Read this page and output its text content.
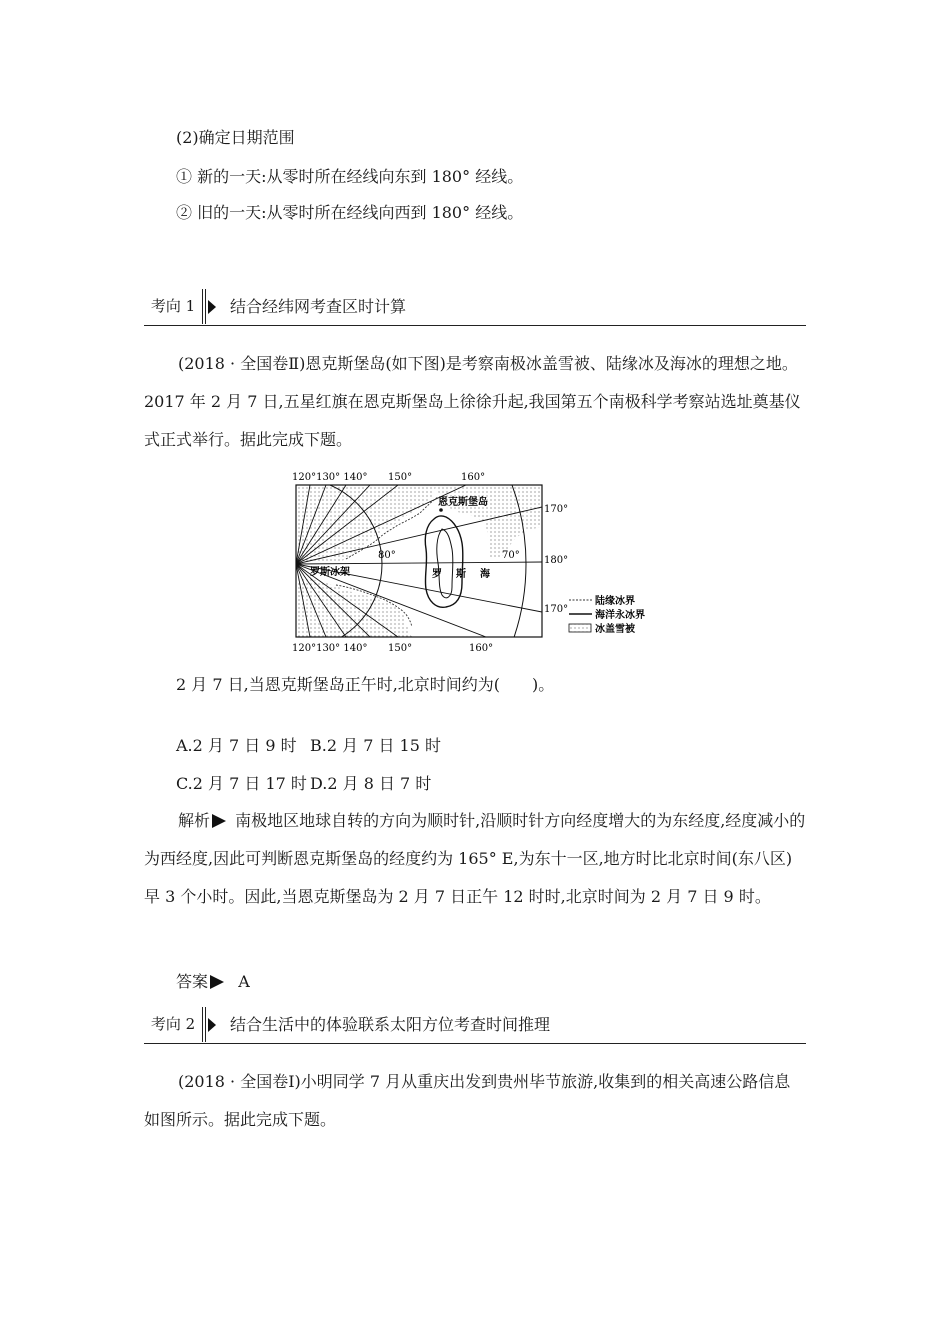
(2)确定日期范围
① 新的一天:从零时所在经线向东到 180° 经线。
② 旧的一天:从零时所在经线向西到 180° 经线。
考向 1	结合经纬网考查区时计算
(2018 · 全国卷Ⅱ)恩克斯堡岛(如下图)是考察南极冰盖雪被、陆缘冰及海冰的理想之地。2017 年 2 月 7 日,五星红旗在恩克斯堡岛上徐徐升起,我国第五个南极科学考察站选址奠基仪式正式举行。据此完成下题。
120°130° 140° 150°	160°
120°130° 140° 150°	160°
170°
180°
170°
恩克斯堡岛
罗斯冰架	罗 斯 海
80°	70°
陆缘冰界
海洋永冰界
冰盖雪被
2 月 7 日,当恩克斯堡岛正午时,北京时间约为(　　)。
A.2 月 7 日 9 时 B.2 月 7 日 15 时
C.2 月 7 日 17 时 D.2 月 8 日 7 时
解析 南极地区地球自转的方向为顺时针,沿顺时针方向经度增大的为东经度,经度减小的为西经度,因此可判断恩克斯堡岛的经度约为 165° E,为东十一区,地方时比北京时间(东八区)早 3 个小时。因此,当恩克斯堡岛为 2 月 7 日正午 12 时时,北京时间为 2 月 7 日 9 时。
答案 A
考向 2	结合生活中的体验联系太阳方位考查时间推理
(2018 · 全国卷Ⅰ)小明同学 7 月从重庆出发到贵州毕节旅游,收集到的相关高速公路信息如图所示。据此完成下题。
